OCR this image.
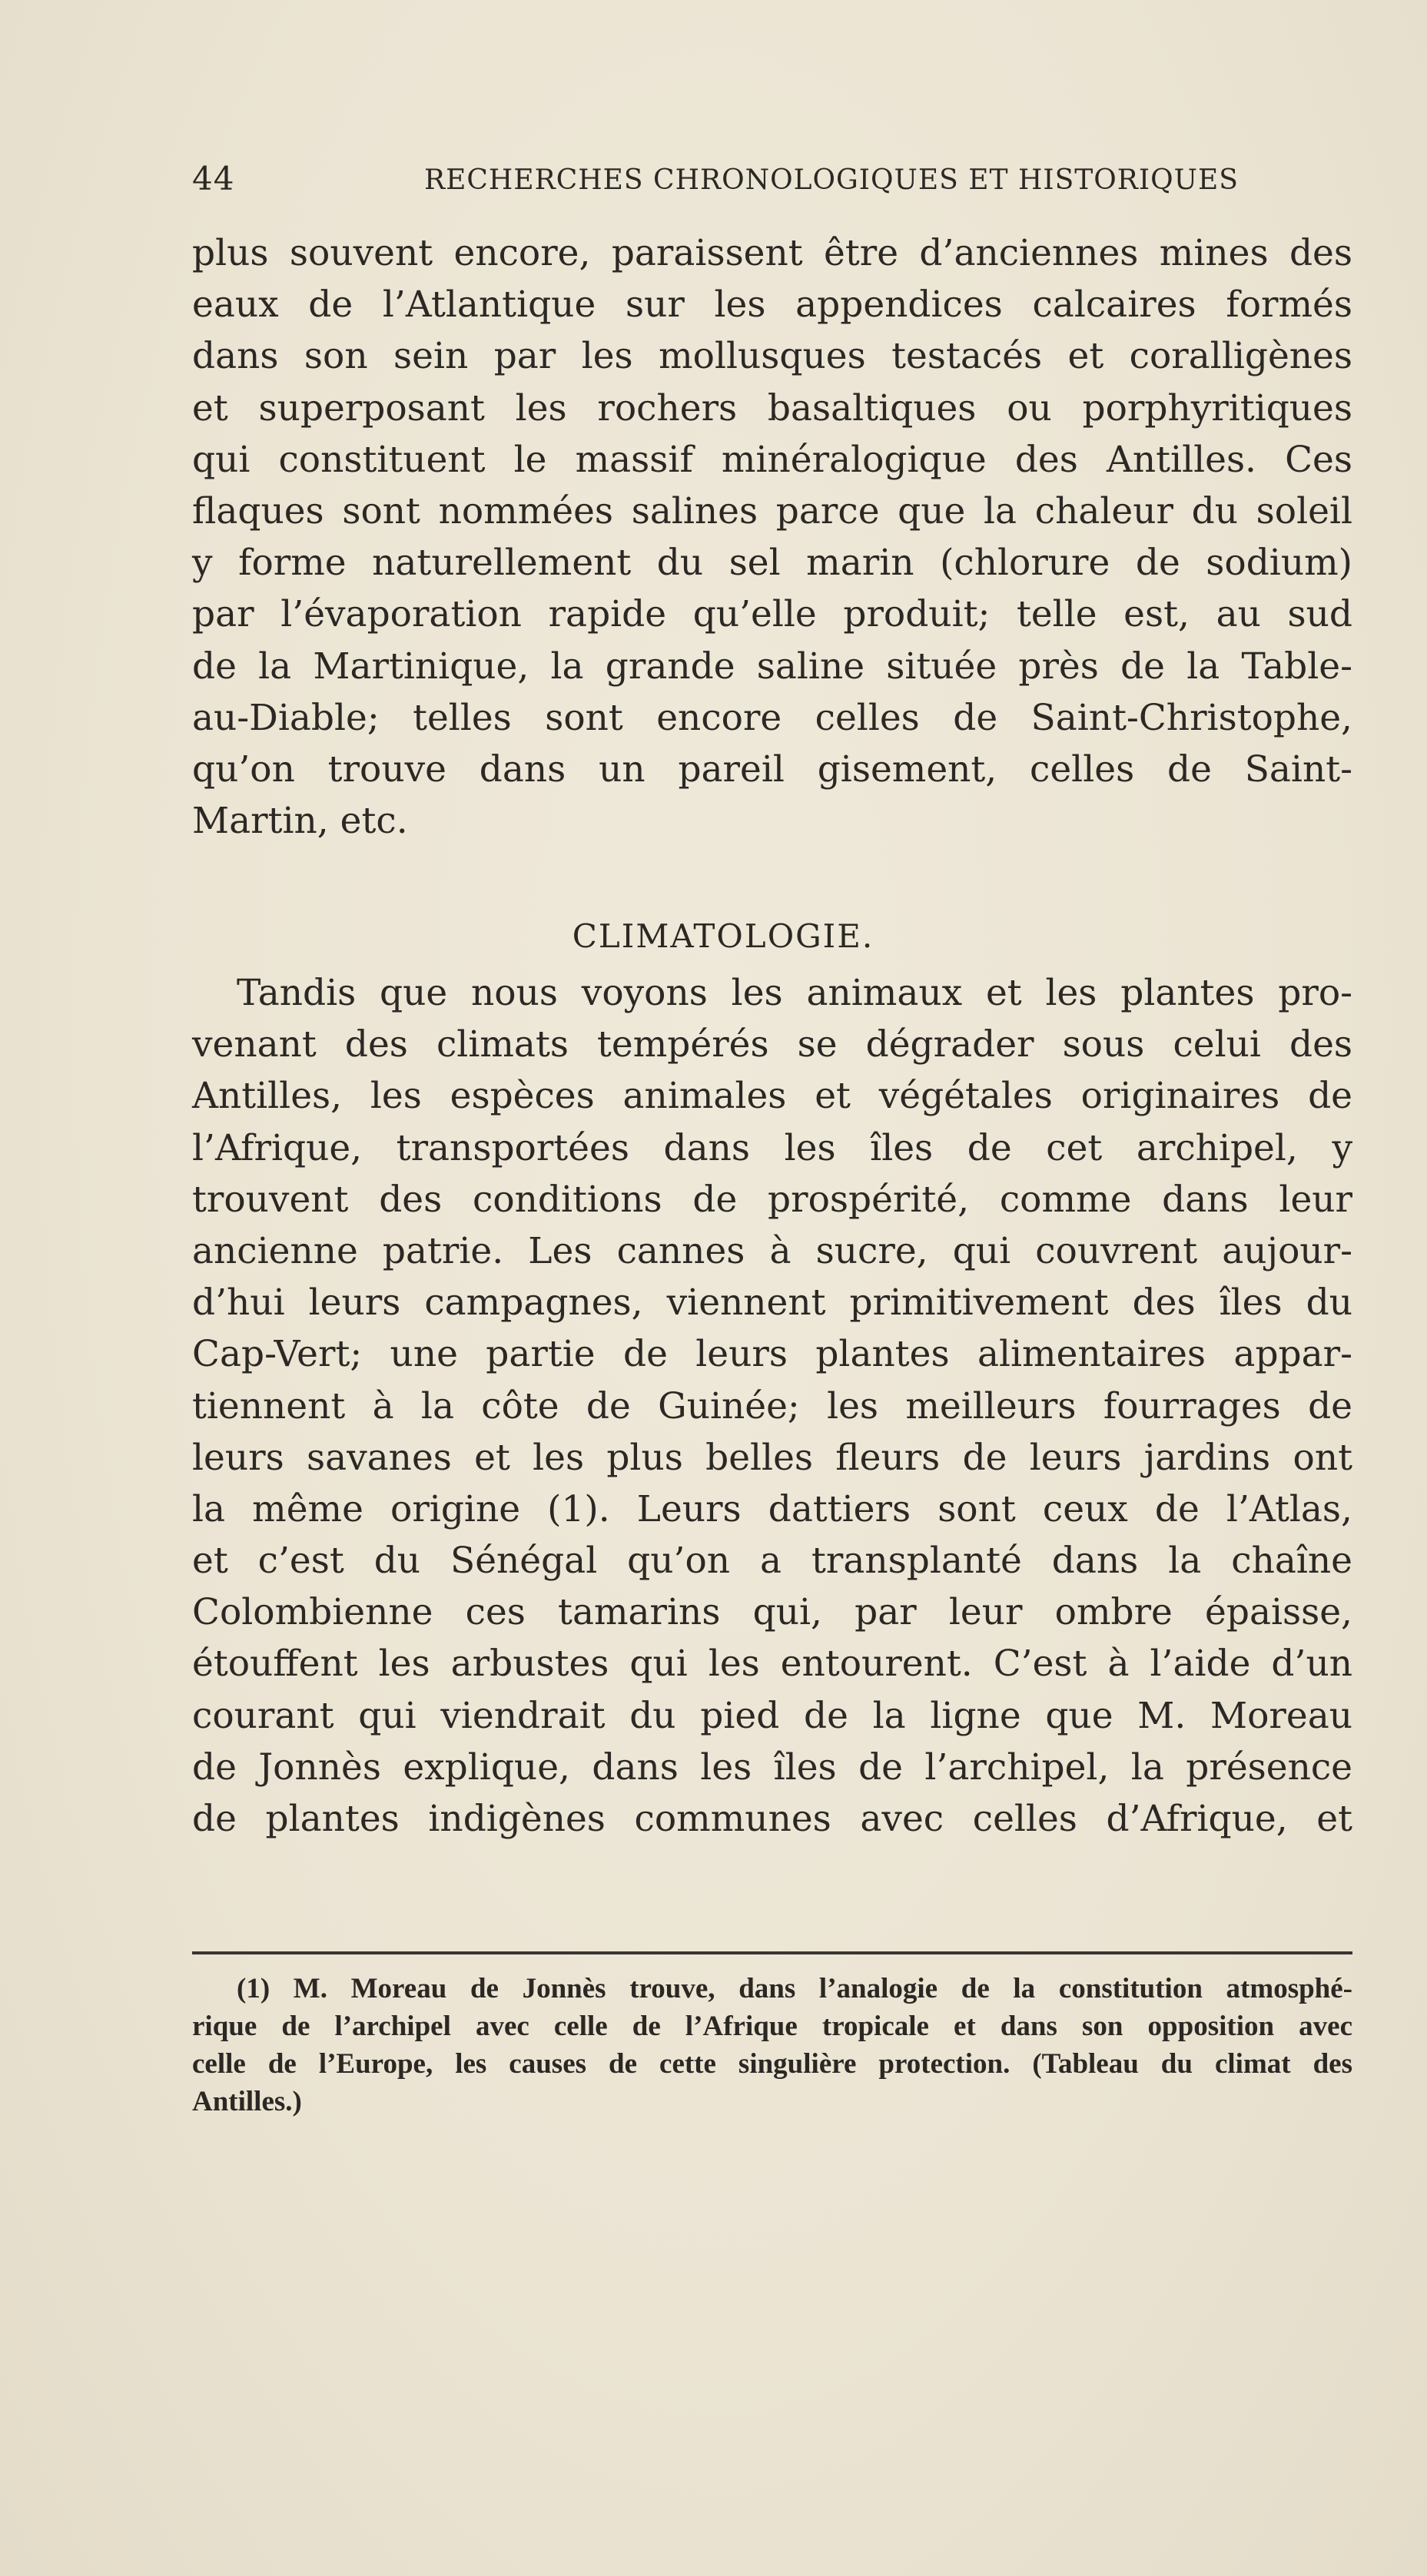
44	RECHERCHES CHRONOLOGIQUES ET HISTORIQUES
plus souvent encore, paraissent être d’anciennes mines des
eaux de l’Atlantique sur les appendices calcaires formés
dans son sein par les mollusques testacés et coralligènes
et superposant les rochers basaltiques ou porphyritiques
qui constituent le massif minéralogique des Antilles. Ces
flaques sont nommées salines parce que la chaleur du soleil
y forme naturellement du sel marin (chlorure de sodium)
par l’évaporation rapide qu’elle produit; telle est, au sud
de la Martinique, la grande saline située près de la Table-
au-Diable; telles sont encore celles de Saint-Christophe,
qu’on trouve dans un pareil gisement, celles de Saint-
Martin, etc.
CLIMATOLOGIE.
Tandis que nous voyons les animaux et les plantes pro-
venant des climats tempérés se dégrader sous celui des
Antilles, les espèces animales et végétales originaires de
l’Afrique, transportées dans les îles de cet archipel, y
trouvent des conditions de prospérité, comme dans leur
ancienne patrie. Les cannes à sucre, qui couvrent aujour-
d’hui leurs campagnes, viennent primitivement des îles du
Cap-Vert; une partie de leurs plantes alimentaires appar-
tiennent à la côte de Guinée; les meilleurs fourrages de
leurs savanes et les plus belles fleurs de leurs jardins ont
la même origine (1). Leurs dattiers sont ceux de l’Atlas,
et c’est du Sénégal qu’on a transplanté dans la chaîne
Colombienne ces tamarins qui, par leur ombre épaisse,
étouffent les arbustes qui les entourent. C’est à l’aide d’un
courant qui viendrait du pied de la ligne que M. Moreau
de Jonnès explique, dans les îles de l’archipel, la présence
de plantes indigènes communes avec celles d’Afrique, et
(1) M. Moreau de Jonnès trouve, dans l’analogie de la constitution atmosphé-
rique de l’archipel avec celle de l’Afrique tropicale et dans son opposition avec
celle de l’Europe, les causes de cette singulière protection. (Tableau du climat des
Antilles.)
